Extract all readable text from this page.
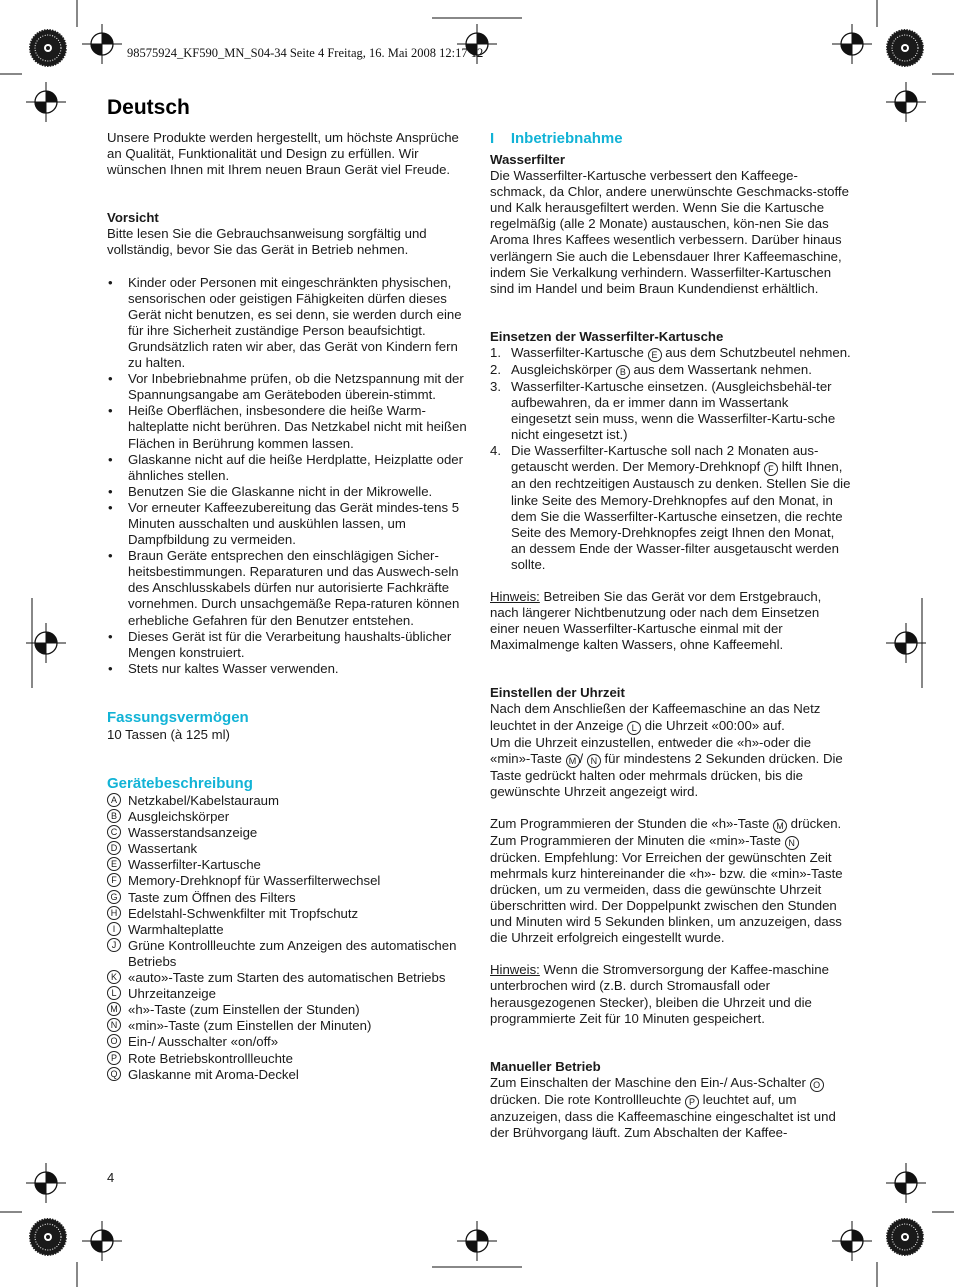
98575924_KF590_MN_S04-34 Seite 4 Freitag, 16. Mai 2008 12:17 12
Deutsch

Unsere Produkte werden hergestellt, um höchste Ansprüche an Qualität, Funktionalität und Design zu erfüllen. Wir wünschen Ihnen mit Ihrem neuen Braun Gerät viel Freude.

Vorsicht

Bitte lesen Sie die Gebrauchsanweisung sorgfältig und vollständig, bevor Sie das Gerät in Betrieb nehmen.

• Kinder oder Personen mit eingeschränkten physischen, sensorischen oder geistigen Fähigkeiten dürfen dieses Gerät nicht benutzen, es sei denn, sie werden durch eine für ihre Sicherheit zuständige Person beaufsichtigt. Grundsätzlich raten wir aber, das Gerät von Kindern fern zu halten.
• Vor Inbebriebnahme prüfen, ob die Netzspannung mit der Spannungsangabe am Geräteboden überein-stimmt.
• Heiße Oberflächen, insbesondere die heiße Warm-halteplatte nicht berühren. Das Netzkabel nicht mit heißen Flächen in Berührung kommen lassen.
• Glaskanne nicht auf die heiße Herdplatte, Heizplatte oder ähnliches stellen.
• Benutzen Sie die Glaskanne nicht in der Mikrowelle.
• Vor erneuter Kaffeezubereitung das Gerät mindes-tens 5 Minuten ausschalten und auskühlen lassen, um Dampfbildung zu vermeiden.
• Braun Geräte entsprechen den einschlägigen Sicher-heitsbestimmungen. Reparaturen und das Auswech-seln des Anschlusskabels dürfen nur autorisierte Fachkräfte vornehmen. Durch unsachgemäße Repa-raturen können erhebliche Gefahren für den Benutzer entstehen.
• Dieses Gerät ist für die Verarbeitung haushalts-üblicher Mengen konstruiert.
• Stets nur kaltes Wasser verwenden.

Fassungsvermögen

10 Tassen (à 125 ml)

Gerätebeschreibung

A Netzkabel/Kabelstauraum
B Ausgleichskörper
C Wasserstandsanzeige
D Wassertank
E Wasserfilter-Kartusche
F Memory-Drehknopf für Wasserfilterwechsel
G Taste zum Öffnen des Filters
H Edelstahl-Schwenkfilter mit Tropfschutz
I Warmhalteplatte
J Grüne Kontrollleuchte zum Anzeigen des automatischen Betriebs
K «auto»-Taste zum Starten des automatischen Betriebs
L Uhrzeitanzeige
M «h»-Taste (zum Einstellen der Stunden)
N «min»-Taste (zum Einstellen der Minuten)
O Ein-/ Ausschalter «on/off»
P Rote Betriebskontrollleuchte
Q Glaskanne mit Aroma-Deckel

I Inbetriebnahme

Wasserfilter

Die Wasserfilter-Kartusche verbessert den Kaffeege-schmack, da Chlor, andere unerwünschte Geschmacks-stoffe und Kalk herausgefiltert werden. Wenn Sie die Kartusche regelmäßig (alle 2 Monate) austauschen, kön-nen Sie das Aroma Ihres Kaffees wesentlich verbessern. Darüber hinaus verlängern Sie auch die Lebensdauer Ihrer Kaffeemaschine, indem Sie Verkalkung verhindern. Wasserfilter-Kartuschen sind im Handel und beim Braun Kundendienst erhältlich.

Einsetzen der Wasserfilter-Kartusche

1. Wasserfilter-Kartusche E aus dem Schutzbeutel nehmen.
2. Ausgleichskörper B aus dem Wassertank nehmen.
3. Wasserfilter-Kartusche einsetzen. (Ausgleichsbehäl-ter aufbewahren, da er immer dann im Wassertank eingesetzt sein muss, wenn die Wasserfilter-Kartu-sche nicht eingesetzt ist.)
4. Die Wasserfilter-Kartusche soll nach 2 Monaten aus-getauscht werden. Der Memory-Drehknopf F hilft Ihnen, an den rechtzeitigen Austausch zu denken. Stellen Sie die linke Seite des Memory-Drehknopfes auf den Monat, in dem Sie die Wasserfilter-Kartusche einsetzen, die rechte Seite des Memory-Drehknopfes zeigt Ihnen den Monat, an dessem Ende der Wasser-filter ausgetauscht werden sollte.

Hinweis: Betreiben Sie das Gerät vor dem Erstgebrauch, nach längerer Nichtbenutzung oder nach dem Einsetzen einer neuen Wasserfilter-Kartusche einmal mit der Maximalmenge kalten Wassers, ohne Kaffeemehl.

Einstellen der Uhrzeit

Nach dem Anschließen der Kaffeemaschine an das Netz leuchtet in der Anzeige L die Uhrzeit «00:00» auf.

Um die Uhrzeit einzustellen, entweder die «h»-oder die «min»-Taste M / N für mindestens 2 Sekunden drücken. Die Taste gedrückt halten oder mehrmals drücken, bis die gewünschte Uhrzeit angezeigt wird.

Zum Programmieren der Stunden die «h»-Taste M drücken. Zum Programmieren der Minuten die «min»-Taste N drücken. Empfehlung: Vor Erreichen der gewünschten Zeit mehrmals kurz hintereinander die «h»- bzw. die «min»-Taste drücken, um zu vermeiden, dass die gewünschte Uhrzeit überschritten wird. Der Doppelpunkt zwischen den Stunden und Minuten wird 5 Sekunden blinken, um anzuzeigen, dass die Uhrzeit erfolgreich eingestellt wurde.

Hinweis: Wenn die Stromversorgung der Kaffee-maschine unterbrochen wird (z.B. durch Stromausfall oder herausgezogenen Stecker), bleiben die Uhrzeit und die programmierte Zeit für 10 Minuten gespeichert.

Manueller Betrieb

Zum Einschalten der Maschine den Ein-/ Aus-Schalter O drücken. Die rote Kontrollleuchte P leuchtet auf, um anzuzeigen, dass die Kaffeemaschine eingeschaltet ist und der Brühvorgang läuft. Zum Abschalten der Kaffee-

4
